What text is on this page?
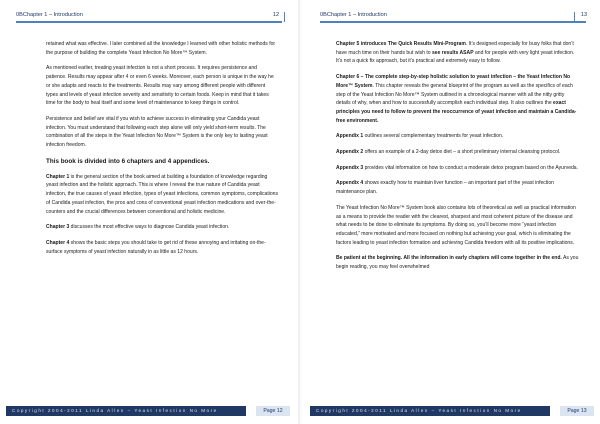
0BChapter 1 – Introduction	12

retained what was effective. I later combined all the knowledge I learned with other holistic methods for the purpose of building the complete Yeast Infection No More™ System.

As mentioned earlier, treating yeast infection is not a short process. It requires persistence and patience. Results may appear after 4 or even 6 weeks. Moreover, each person is unique in the way he or she adapts and reacts to the treatments. Results may vary among different people with different types and levels of yeast infection severity and sensitivity to certain foods. Keep in mind that it takes time for the body to heal itself and some level of maintenance to keep things in control.

Persistence and belief are vital if you wish to achieve success in eliminating your Candida yeast infection. You must understand that following each step alone will only yield short-term results. The combination of all the steps in the Yeast Infection No More™ System is the only key to lasting yeast infection freedom.

This book is divided into 6 chapters and 4 appendices.

Chapter 1 is the general section of the book aimed at building a foundation of knowledge regarding yeast infection and the holistic approach. This is where I reveal the true nature of Candida yeast infection, the true causes of yeast infection, types of yeast infections, common symptoms, complications of Candida yeast infection, the pros and cons of conventional yeast infection medications and over-the-counters and the crucial differences between conventional and holistic medicine.

Chapter 3 discusses the most effective ways to diagnose Candida yeast infection.

Chapter 4 shows the basic steps you should take to get rid of these annoying and irritating on-the-surface symptoms of yeast infection naturally in as little as 12 hours.

Copyright 2004-2011 Linda Allen – Yeast Infection No More	Page 12
0BChapter 1 – Introduction	13

Chapter 5 introduces The Quick Results Mini-Program. It’s designed especially for busy folks that don’t have much time on their hands but wish to see results ASAP and for people with very light yeast infection. It’s not a quick fix approach, but it’s practical and extremely easy to follow.

Chapter 6 – The complete step-by-step holistic solution to yeast infection – the Yeast Infection No More™ System. This chapter reveals the general blueprint of the program as well as the specifics of each step of the Yeast Infection No More™ System outlined in a chronological manner with all the nitty gritty details of why, when and how to successfully accomplish each individual step. It also outlines the exact principles you need to follow to prevent the reoccurrence of yeast infection and maintain a Candida-free environment.

Appendix 1 outlines several complementary treatments for yeast infection.

Appendix 2 offers an example of a 2-day detox diet – a short preliminary internal cleansing protocol.

Appendix 3 provides vital information on how to conduct a moderate detox program based on the Ayurveda.

Appendix 4 shows exactly how to maintain liver function – an important part of the yeast infection maintenance plan.

The Yeast Infection No More™ System book also contains lots of theoretical as well as practical information as a means to provide the reader with the clearest, sharpest and most coherent picture of the disease and what needs to be done to eliminate its symptoms. By doing so, you’ll become more “yeast infection educated,” more motivated and more focused on nothing but achieving your goal, which is eliminating the factors leading to yeast infection formation and achieving Candida freedom with all its positive implications.

Be patient at the beginning. All the information in early chapters will come together in the end. As you begin reading, you may feel overwhelmed

Copyright 2004-2011 Linda Allen – Yeast Infection No More	Page 13
